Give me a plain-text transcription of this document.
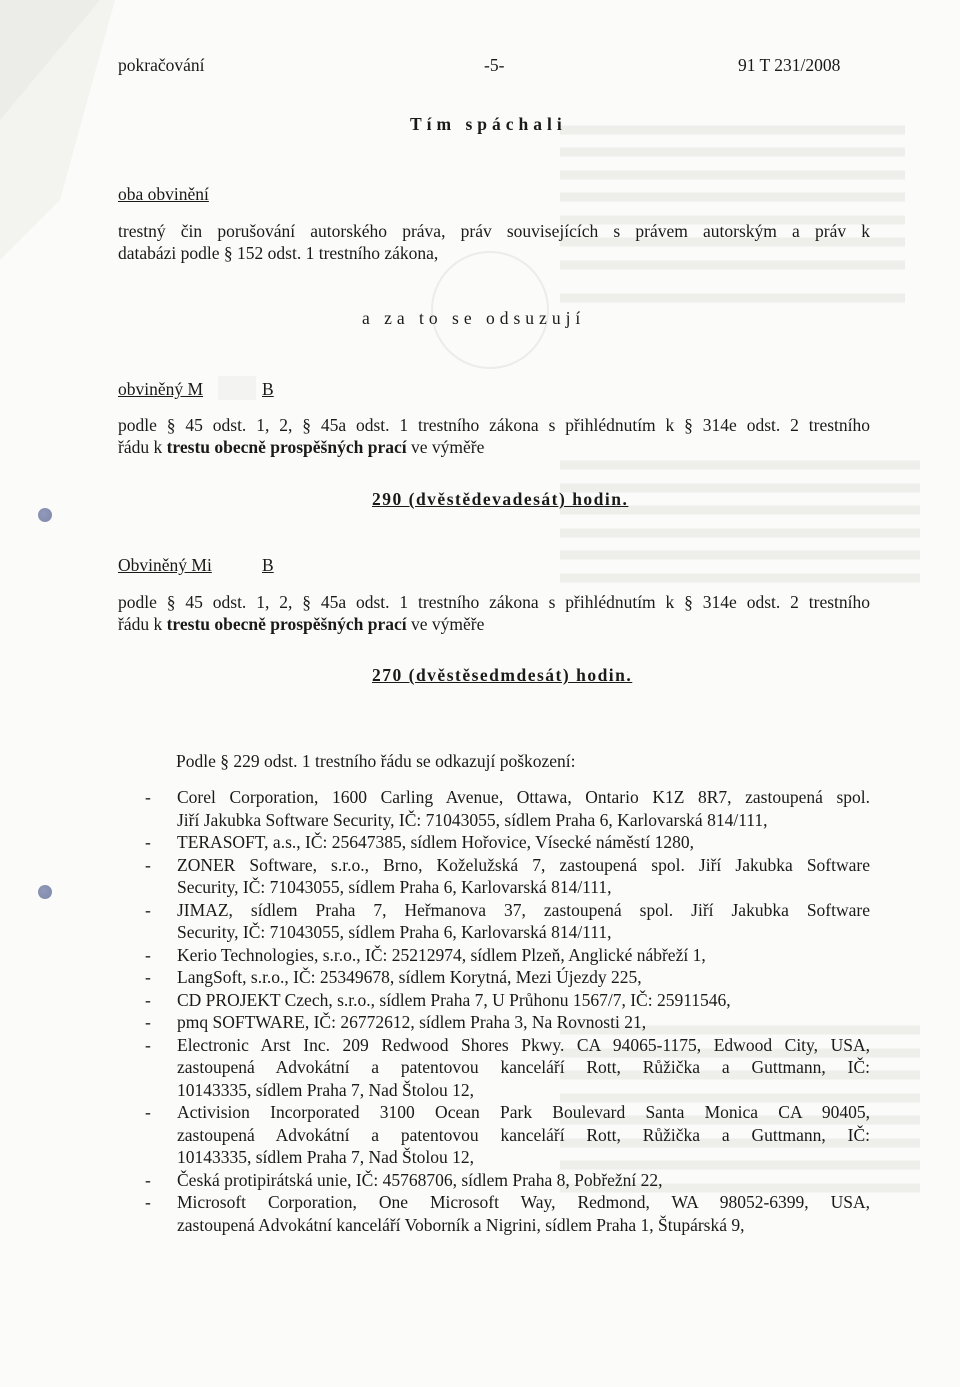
pokračování	-5-	91 T 231/2008
Tím spáchali
oba obvinění
trestný čin porušování autorského práva, práv souvisejících s právem autorským a práv k
databázi podle § 152 odst. 1 trestního zákona,
a za to se odsuzují
obviněný M	B
podle § 45 odst. 1, 2, § 45a odst. 1 trestního zákona s přihlédnutím k § 314e odst. 2 trestního
řádu k trestu obecně prospěšných prací ve výměře
290 (dvěstědevadesát) hodin.
Obviněný Mi	B
podle § 45 odst. 1, 2, § 45a odst. 1 trestního zákona s přihlédnutím k § 314e odst. 2 trestního
řádu k trestu obecně prospěšných prací ve výměře
270 (dvěstěsedmdesát) hodin.
Podle § 229 odst. 1 trestního řádu se odkazují poškození:
- Corel Corporation, 1600 Carling Avenue, Ottawa, Ontario K1Z 8R7, zastoupená spol.
Jiří Jakubka Software Security, IČ: 71043055, sídlem Praha 6, Karlovarská 814/111,
- TERASOFT, a.s., IČ: 25647385, sídlem Hořovice, Vísecké náměstí 1280,
- ZONER Software, s.r.o., Brno, Koželužská 7, zastoupená spol. Jiří Jakubka Software
Security, IČ: 71043055, sídlem Praha 6, Karlovarská 814/111,
- JIMAZ, sídlem Praha 7, Heřmanova 37, zastoupená spol. Jiří Jakubka Software
Security, IČ: 71043055, sídlem Praha 6, Karlovarská 814/111,
- Kerio Technologies, s.r.o., IČ: 25212974, sídlem Plzeň, Anglické nábřeží 1,
- LangSoft, s.r.o., IČ: 25349678, sídlem Korytná, Mezi Újezdy 225,
- CD PROJEKT Czech, s.r.o., sídlem Praha 7, U Průhonu 1567/7, IČ: 25911546,
- pmq SOFTWARE, IČ: 26772612, sídlem Praha 3, Na Rovnosti 21,
- Electronic Arst Inc. 209 Redwood Shores Pkwy. CA 94065-1175, Edwood City, USA,
zastoupená Advokátní a patentovou kanceláří Rott, Růžička a Guttmann, IČ:
10143335, sídlem Praha 7, Nad Štolou 12,
- Activision Incorporated 3100 Ocean Park Boulevard Santa Monica CA 90405,
zastoupená Advokátní a patentovou kanceláří Rott, Růžička a Guttmann, IČ:
10143335, sídlem Praha 7, Nad Štolou 12,
- Česká protipirátská unie, IČ: 45768706, sídlem Praha 8, Pobřežní 22,
- Microsoft Corporation, One Microsoft Way, Redmond, WA 98052-6399, USA,
zastoupená Advokátní kanceláří Voborník a Nigrini, sídlem Praha 1, Štupárská 9,
